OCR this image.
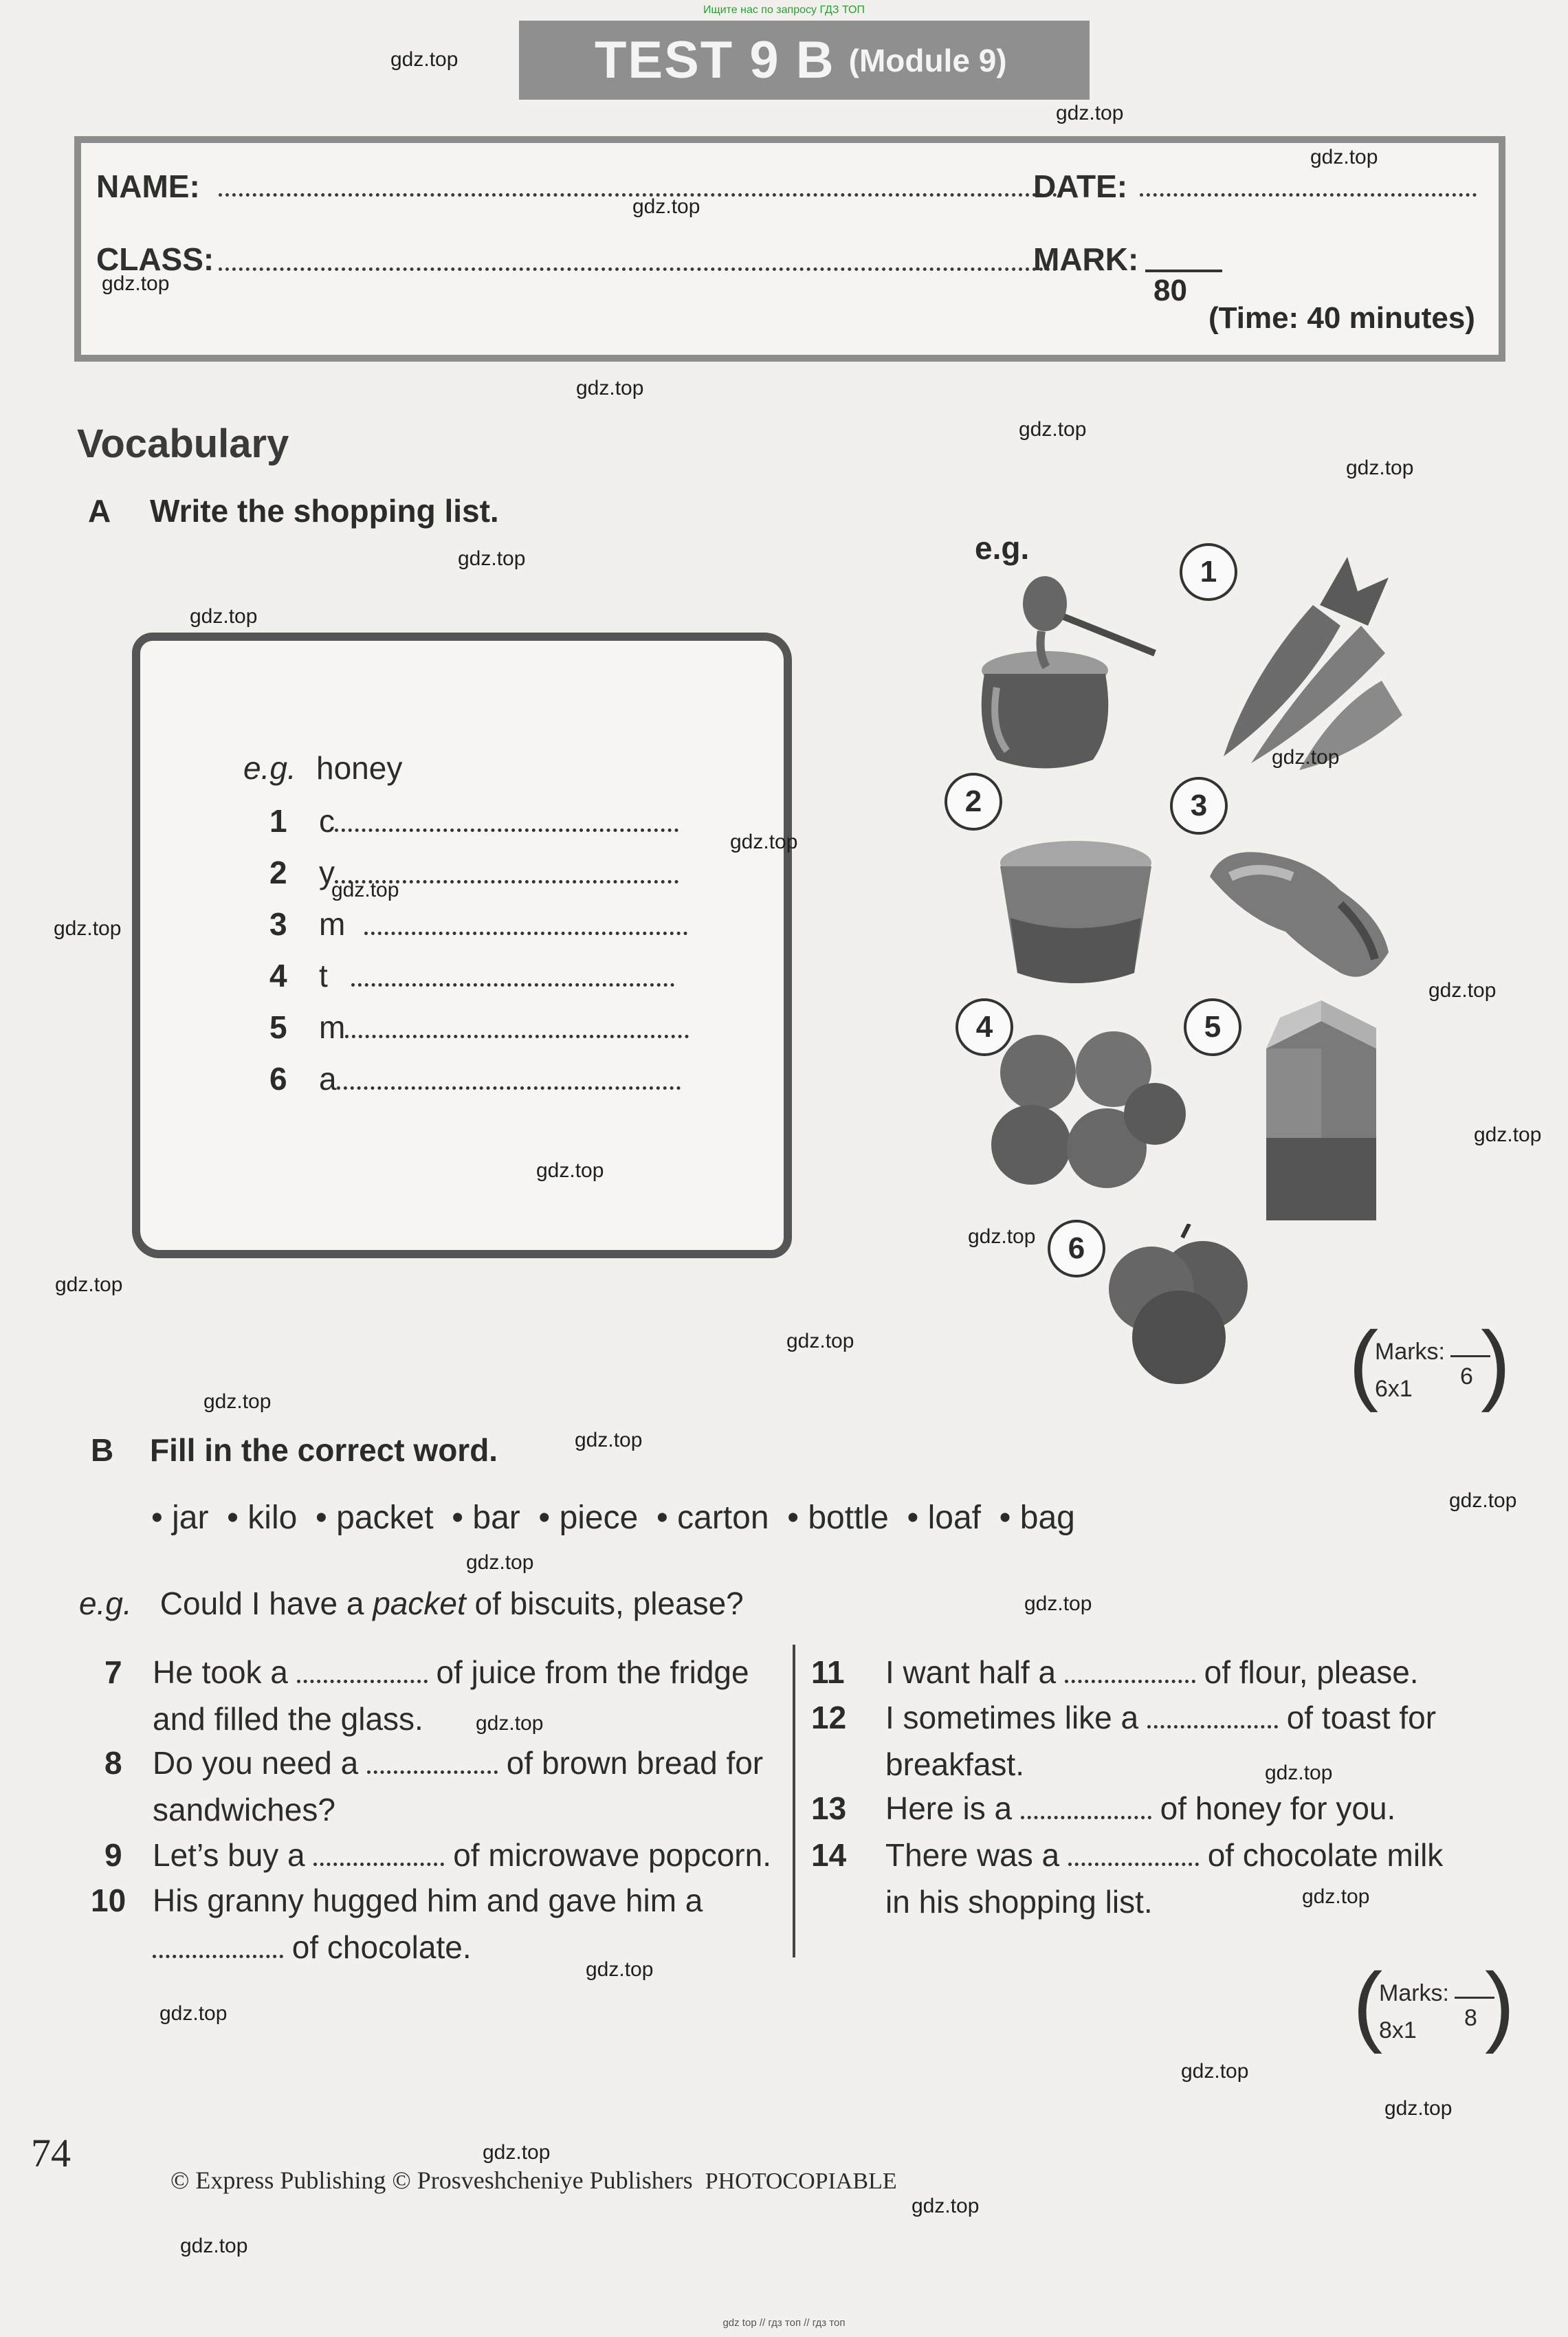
Ищите нас по запросу ГДЗ ТОП
gdz top // гдз топ // гдз топ
TEST 9 B (Module 9)
NAME:	DATE:
CLASS:	MARK:
80
(Time: 40 minutes)
Vocabulary
A Write the shopping list.
e.g. honey
1	c
2	y
3	m
4	t
5	m
6	a
e.g.
1
2	3
4	5
6
(
Marks:
6
6x1 )
B Fill in the correct word.
• jar • kilo • packet • bar • piece • carton • bottle • loaf • bag
e.g. Could I have a packet of biscuits, please?
7 He took a	of juice from the fridge
and filled the glass.
8 Do you need a	of brown bread for
sandwiches?
9 Let’s buy a	of microwave popcorn.
10 His granny hugged him and gave him a
of chocolate.
11 I want half a	of flour, please.
12 I sometimes like a	of toast for
breakfast.
13 Here is a	of honey for you.
14 There was a	of chocolate milk
in his shopping list.
(
Marks:
8
8x1 )
74
© Express Publishing © Prosveshcheniye Publishers PHOTOCOPIABLE
gdz.top
gdz.top
gdz.top
gdz.top
gdz.top
gdz.top
gdz.top
gdz.top
gdz.top
gdz.top
gdz.top
gdz.top
gdz.top
gdz.top
gdz.top
gdz.top
gdz.top
gdz.top
gdz.top
gdz.top
gdz.top
gdz.top
gdz.top
gdz.top
gdz.top
gdz.top
gdz.top
gdz.top
gdz.top
gdz.top
gdz.top
gdz.top
gdz.top
gdz.top
gdz.top
